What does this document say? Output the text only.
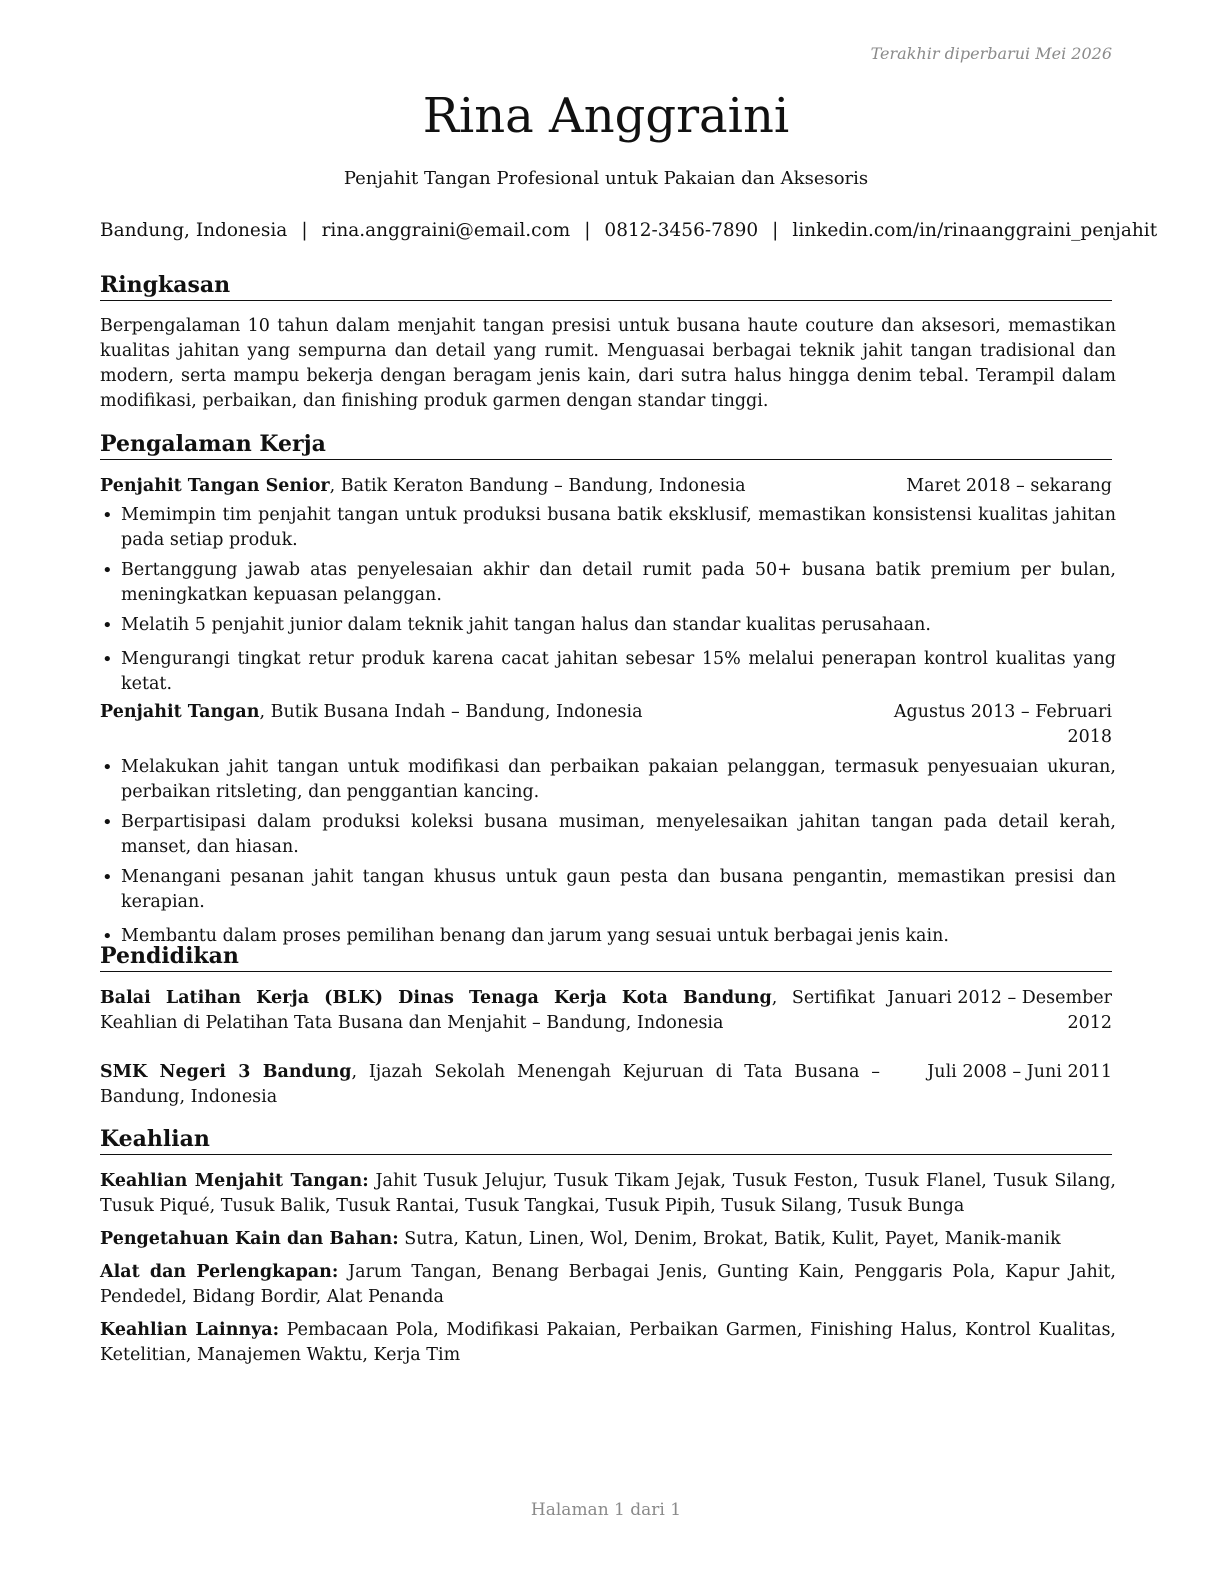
Terakhir diperbarui Mei 2026
Rina Anggraini
Penjahit Tangan Profesional untuk Pakaian dan Aksesoris
Bandung, Indonesia | rina.anggraini@email.com | 0812-3456-7890 | linkedin.com/in/rinaanggraini_penjahit
Ringkasan
Berpengalaman 10 tahun dalam menjahit tangan presisi untuk busana haute couture dan aksesori, memastikan kualitas jahitan yang sempurna dan detail yang rumit. Menguasai berbagai teknik jahit tangan tradisional dan modern, serta mampu bekerja dengan beragam jenis kain, dari sutra halus hingga denim tebal. Terampil dalam modifikasi, perbaikan, dan finishing produk garmen dengan standar tinggi.
Pengalaman Kerja
Penjahit Tangan Senior, Batik Keraton Bandung – Bandung, Indonesia	Maret 2018 – sekarang
• Memimpin tim penjahit tangan untuk produksi busana batik eksklusif, memastikan konsistensi kualitas jahitan pada setiap produk.
• Bertanggung jawab atas penyelesaian akhir dan detail rumit pada 50+ busana batik premium per bulan, meningkatkan kepuasan pelanggan.
• Melatih 5 penjahit junior dalam teknik jahit tangan halus dan standar kualitas perusahaan.
• Mengurangi tingkat retur produk karena cacat jahitan sebesar 15% melalui penerapan kontrol kualitas yang ketat.
Penjahit Tangan, Butik Busana Indah – Bandung, Indonesia	Agustus 2013 – Februari 2018
• Melakukan jahit tangan untuk modifikasi dan perbaikan pakaian pelanggan, termasuk penyesuaian ukuran, perbaikan ritsleting, dan penggantian kancing.
• Berpartisipasi dalam produksi koleksi busana musiman, menyelesaikan jahitan tangan pada detail kerah, manset, dan hiasan.
• Menangani pesanan jahit tangan khusus untuk gaun pesta dan busana pengantin, memastikan presisi dan kerapian.
• Membantu dalam proses pemilihan benang dan jarum yang sesuai untuk berbagai jenis kain.
Pendidikan
Balai Latihan Kerja (BLK) Dinas Tenaga Kerja Kota Bandung, Sertifikat Keahlian di Pelatihan Tata Busana dan Menjahit – Bandung, Indonesia
Januari 2012 – Desember 2012
SMK Negeri 3 Bandung, Ijazah Sekolah Menengah Kejuruan di Tata Busana – Bandung, Indonesia
Juli 2008 – Juni 2011
Keahlian
Keahlian Menjahit Tangan: Jahit Tusuk Jelujur, Tusuk Tikam Jejak, Tusuk Feston, Tusuk Flanel, Tusuk Silang, Tusuk Piqué, Tusuk Balik, Tusuk Rantai, Tusuk Tangkai, Tusuk Pipih, Tusuk Silang, Tusuk Bunga
Pengetahuan Kain dan Bahan: Sutra, Katun, Linen, Wol, Denim, Brokat, Batik, Kulit, Payet, Manik-manik
Alat dan Perlengkapan: Jarum Tangan, Benang Berbagai Jenis, Gunting Kain, Penggaris Pola, Kapur Jahit, Pendedel, Bidang Bordir, Alat Penanda
Keahlian Lainnya: Pembacaan Pola, Modifikasi Pakaian, Perbaikan Garmen, Finishing Halus, Kontrol Kualitas, Ketelitian, Manajemen Waktu, Kerja Tim
Halaman 1 dari 1
